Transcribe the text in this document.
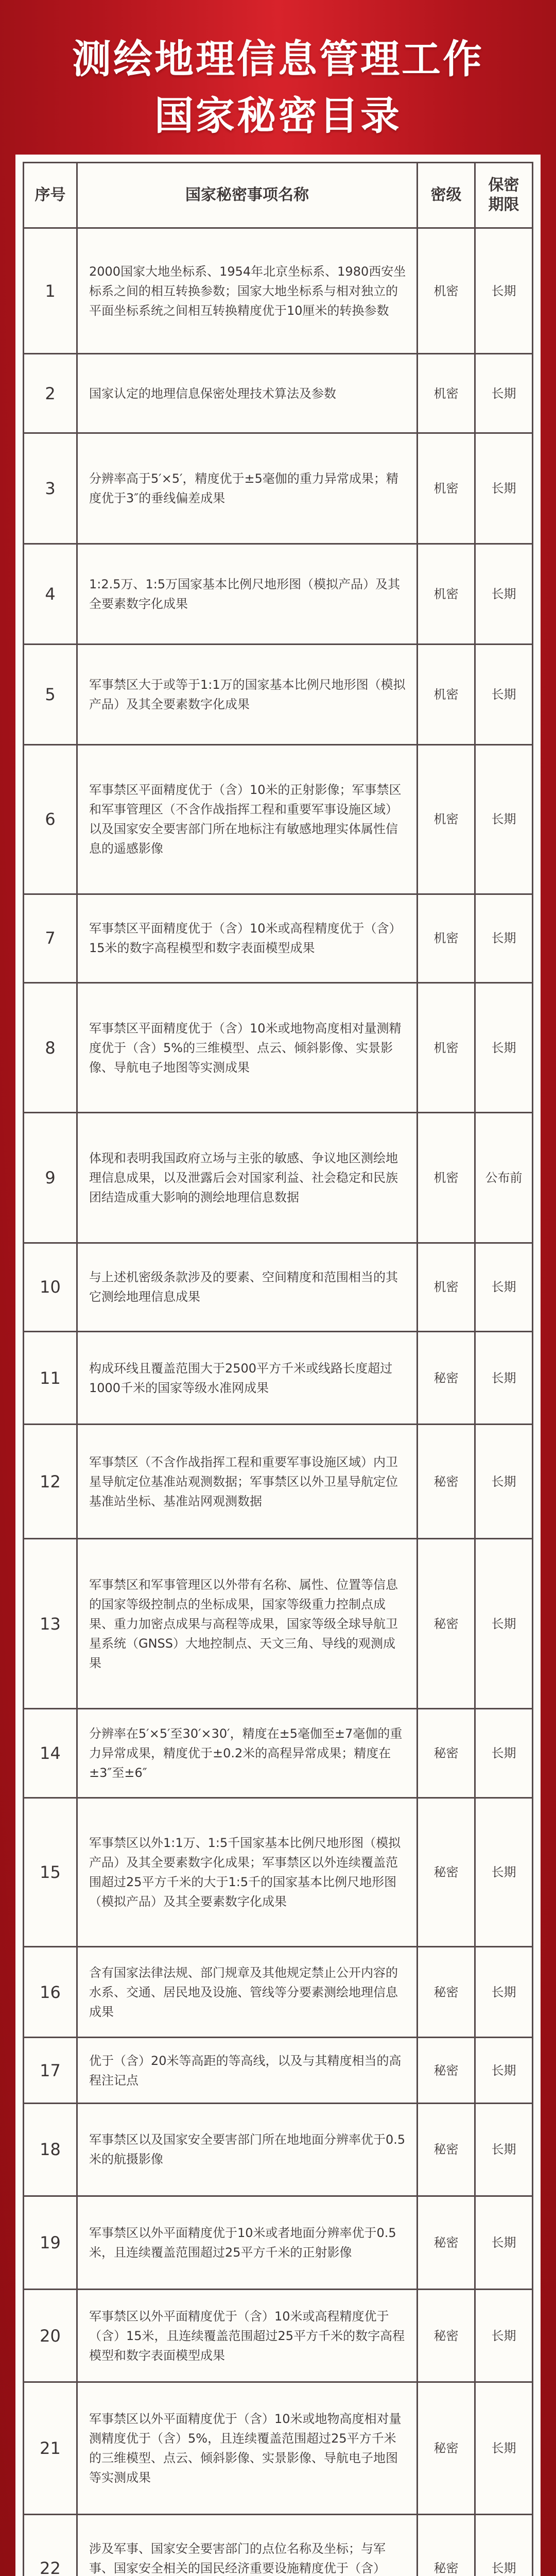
测绘地理信息管理工作
国家秘密目录
序号	国家秘密事项名称	密级	保密期限
1	2000国家大地坐标系、1954年北京坐标系、1980西安坐标系之间的相互转换参数；国家大地坐标系与相对独立的平面坐标系统之间相互转换精度优于10厘米的转换参数	机密	长期
2	国家认定的地理信息保密处理技术算法及参数	机密	长期
3	分辨率高于5′×5′，精度优于±5毫伽的重力异常成果；精度优于3″的垂线偏差成果	机密	长期
4	1:2.5万、1:5万国家基本比例尺地形图（模拟产品）及其全要素数字化成果	机密	长期
5	军事禁区大于或等于1:1万的国家基本比例尺地形图（模拟产品）及其全要素数字化成果	机密	长期
6	军事禁区平面精度优于（含）10米的正射影像；军事禁区和军事管理区（不含作战指挥工程和重要军事设施区域）以及国家安全要害部门所在地标注有敏感地理实体属性信息的遥感影像	机密	长期
7	军事禁区平面精度优于（含）10米或高程精度优于（含）15米的数字高程模型和数字表面模型成果	机密	长期
8	军事禁区平面精度优于（含）10米或地物高度相对量测精度优于（含）5%的三维模型、点云、倾斜影像、实景影像、导航电子地图等实测成果	机密	长期
9	体现和表明我国政府立场与主张的敏感、争议地区测绘地理信息成果，以及泄露后会对国家利益、社会稳定和民族团结造成重大影响的测绘地理信息数据	机密	公布前
10	与上述机密级条款涉及的要素、空间精度和范围相当的其它测绘地理信息成果	机密	长期
11	构成环线且覆盖范围大于2500平方千米或线路长度超过1000千米的国家等级水准网成果	秘密	长期
12	军事禁区（不含作战指挥工程和重要军事设施区域）内卫星导航定位基准站观测数据；军事禁区以外卫星导航定位基准站坐标、基准站网观测数据	秘密	长期
13	军事禁区和军事管理区以外带有名称、属性、位置等信息的国家等级控制点的坐标成果，国家等级重力控制点成果、重力加密点成果与高程等成果，国家等级全球导航卫星系统（GNSS）大地控制点、天文三角、导线的观测成果	秘密	长期
14	分辨率在5′×5′至30′×30′，精度在±5毫伽至±7毫伽的重力异常成果，精度优于±0.2米的高程异常成果；精度在±3″至±6″	秘密	长期
15	军事禁区以外1:1万、1:5千国家基本比例尺地形图（模拟产品）及其全要素数字化成果；军事禁区以外连续覆盖范围超过25平方千米的大于1:5千的国家基本比例尺地形图（模拟产品）及其全要素数字化成果	秘密	长期
16	含有国家法律法规、部门规章及其他规定禁止公开内容的水系、交通、居民地及设施、管线等分要素测绘地理信息成果	秘密	长期
17	优于（含）20米等高距的等高线，以及与其精度相当的高程注记点	秘密	长期
18	军事禁区以及国家安全要害部门所在地地面分辨率优于0.5米的航摄影像	秘密	长期
19	军事禁区以外平面精度优于10米或者地面分辨率优于0.5米，且连续覆盖范围超过25平方千米的正射影像	秘密	长期
20	军事禁区以外平面精度优于（含）10米或高程精度优于（含）15米，且连续覆盖范围超过25平方千米的数字高程模型和数字表面模型成果	秘密	长期
21	军事禁区以外平面精度优于（含）10米或地物高度相对量测精度优于（含）5%，且连续覆盖范围超过25平方千米的三维模型、点云、倾斜影像、实景影像、导航电子地图等实测成果	秘密	长期
22	涉及军事、国家安全要害部门的点位名称及坐标；与军事、国家安全相关的国民经济重要设施精度优于（含）	秘密	长期
